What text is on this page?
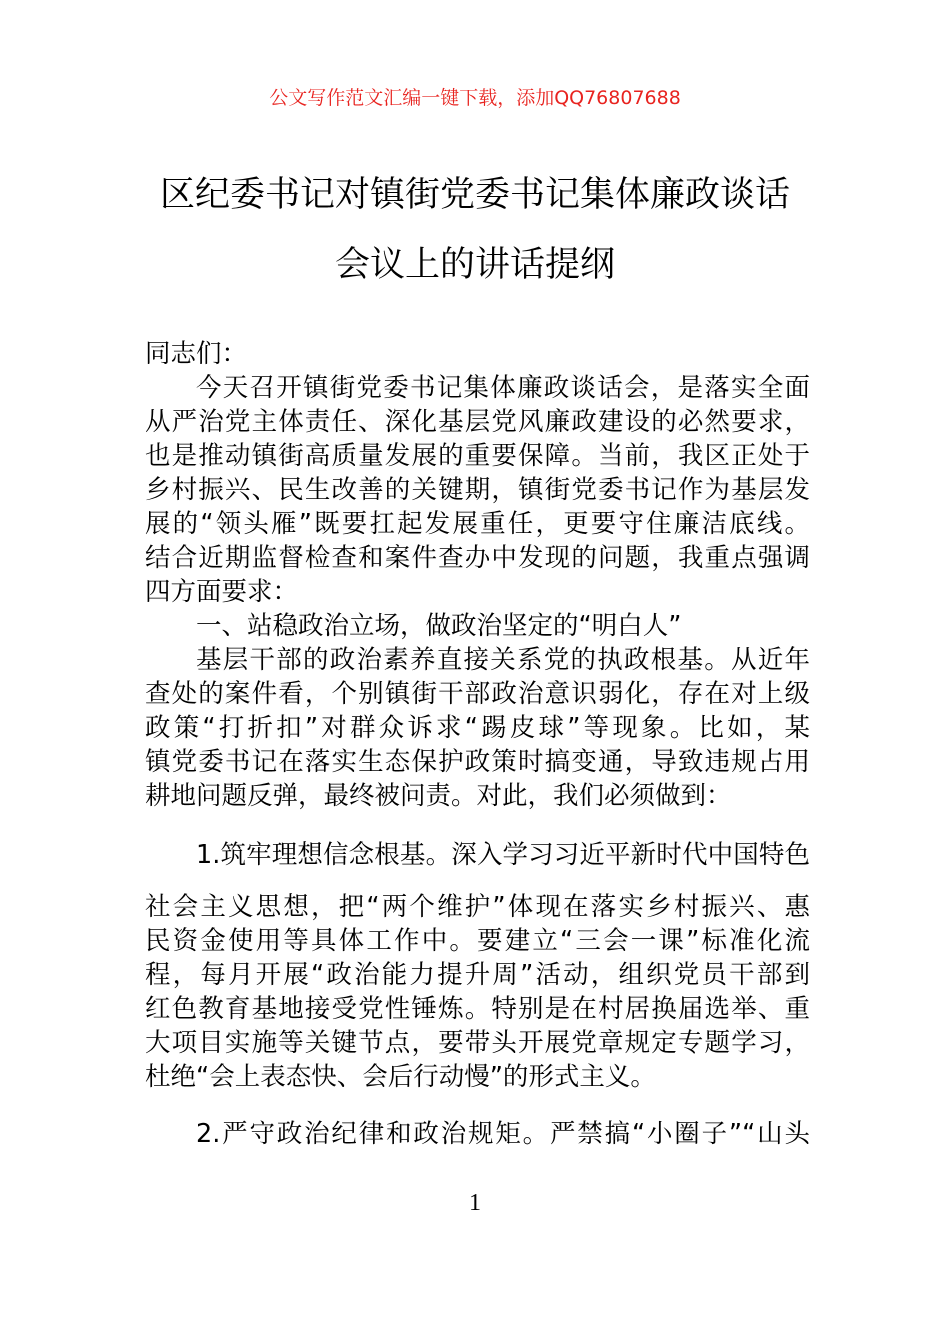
公文写作范文汇编一键下载，添加QQ76807688
区纪委书记对镇街党委书记集体廉政谈话
会议上的讲话提纲
同志们：
今天召开镇街党委书记集体廉政谈话会，是落实全面
从严治党主体责任、深化基层党风廉政建设的必然要求，
也是推动镇街高质量发展的重要保障。当前，我区正处于
乡村振兴、民生改善的关键期，镇街党委书记作为基层发
展的“领头雁”既要扛起发展重任，更要守住廉洁底线。
结合近期监督检查和案件查办中发现的问题，我重点强调
四方面要求：
一、站稳政治立场，做政治坚定的“明白人”
基层干部的政治素养直接关系党的执政根基。从近年
查处的案件看，个别镇街干部政治意识弱化，存在对上级
政策“打折扣”对群众诉求“踢皮球”等现象。比如，某
镇党委书记在落实生态保护政策时搞变通，导致违规占用
耕地问题反弹，最终被问责。对此，我们必须做到：
1.筑牢理想信念根基。深入学习习近平新时代中国特色
社会主义思想，把“两个维护”体现在落实乡村振兴、惠
民资金使用等具体工作中。要建立“三会一课”标准化流
程，每月开展“政治能力提升周”活动，组织党员干部到
红色教育基地接受党性锤炼。特别是在村居换届选举、重
大项目实施等关键节点，要带头开展党章规定专题学习，
杜绝“会上表态快、会后行动慢”的形式主义。
2.严守政治纪律和政治规矩。严禁搞“小圈子”“山头
1
